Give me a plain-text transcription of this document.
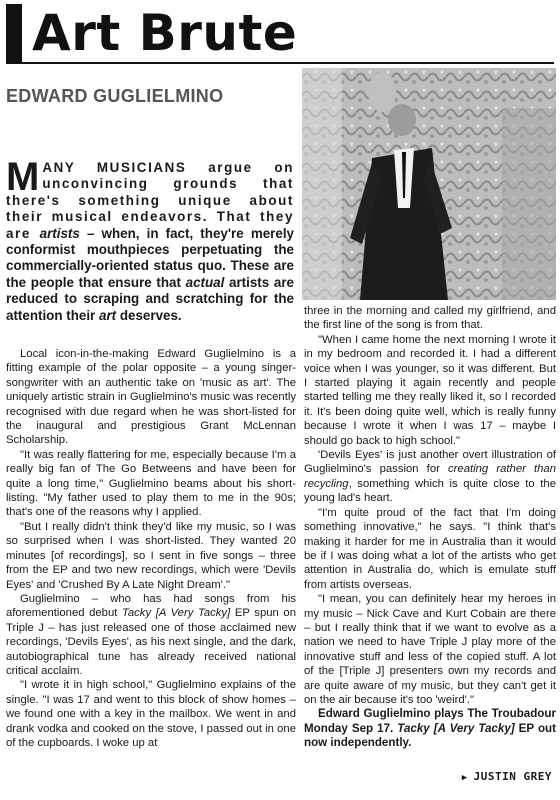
Art Brute
EDWARD GUGLIELMINO
MANY MUSICIANS argue on unconvincing grounds that there's something unique about their musical endeavors. That they are artists – when, in fact, they're merely conformist mouthpieces perpetuating the commercially-oriented status quo. These are the people that ensure that actual artists are reduced to scraping and scratching for the attention their art deserves.

Local icon-in-the-making Edward Guglielmino is a fitting example of the polar opposite – a young singer-songwriter with an authentic take on 'music as art'. The uniquely artistic strain in Guglielmino's music was recently recognised with due regard when he was short-listed for the inaugural and prestigious Grant McLennan Scholarship.

"It was really flattering for me, especially because I'm a really big fan of The Go Betweens and have been for quite a long time," Guglielmino beams about his short-listing. "My father used to play them to me in the 90s; that's one of the reasons why I applied.

"But I really didn't think they'd like my music, so I was so surprised when I was short-listed. They wanted 20 minutes [of recordings], so I sent in five songs – three from the EP and two new recordings, which were 'Devils Eyes' and 'Crushed By A Late Night Dream'."

Guglielmino – who has had songs from his aforementioned debut Tacky [A Very Tacky] EP spun on Triple J – has just released one of those acclaimed new recordings, 'Devils Eyes', as his next single, and the dark, autobiographical tune has already received national critical acclaim.

"I wrote it in high school," Guglielmino explains of the single. "I was 17 and went to this block of show homes – we found one with a key in the mailbox. We went in and drank vodka and cooked on the stove, I passed out in one of the cupboards. I woke up at

three in the morning and called my girlfriend, and the first line of the song is from that.

"When I came home the next morning I wrote it in my bedroom and recorded it. I had a different voice when I was younger, so it was different. But I started playing it again recently and people started telling me they really liked it, so I recorded it. It's been doing quite well, which is really funny because I wrote it when I was 17 – maybe I should go back to high school."

'Devils Eyes' is just another overt illustration of Guglielmino's passion for creating rather than recycling, something which is quite close to the young lad's heart.

"I'm quite proud of the fact that I'm doing something innovative," he says. "I think that's making it harder for me in Australia than it would be if I was doing what a lot of the artists who get attention in Australia do, which is emulate stuff from artists overseas.

"I mean, you can definitely hear my heroes in my music – Nick Cave and Kurt Cobain are there – but I really think that if we want to evolve as a nation we need to have Triple J play more of the innovative stuff and less of the copied stuff. A lot of the [Triple J] presenters own my records and are quite aware of my music, but they can't get it on the air because it's too 'weird'."

Edward Guglielmino plays The Troubadour Monday Sep 17. Tacky [A Very Tacky] EP out now independently.

▶ JUSTIN GREY
